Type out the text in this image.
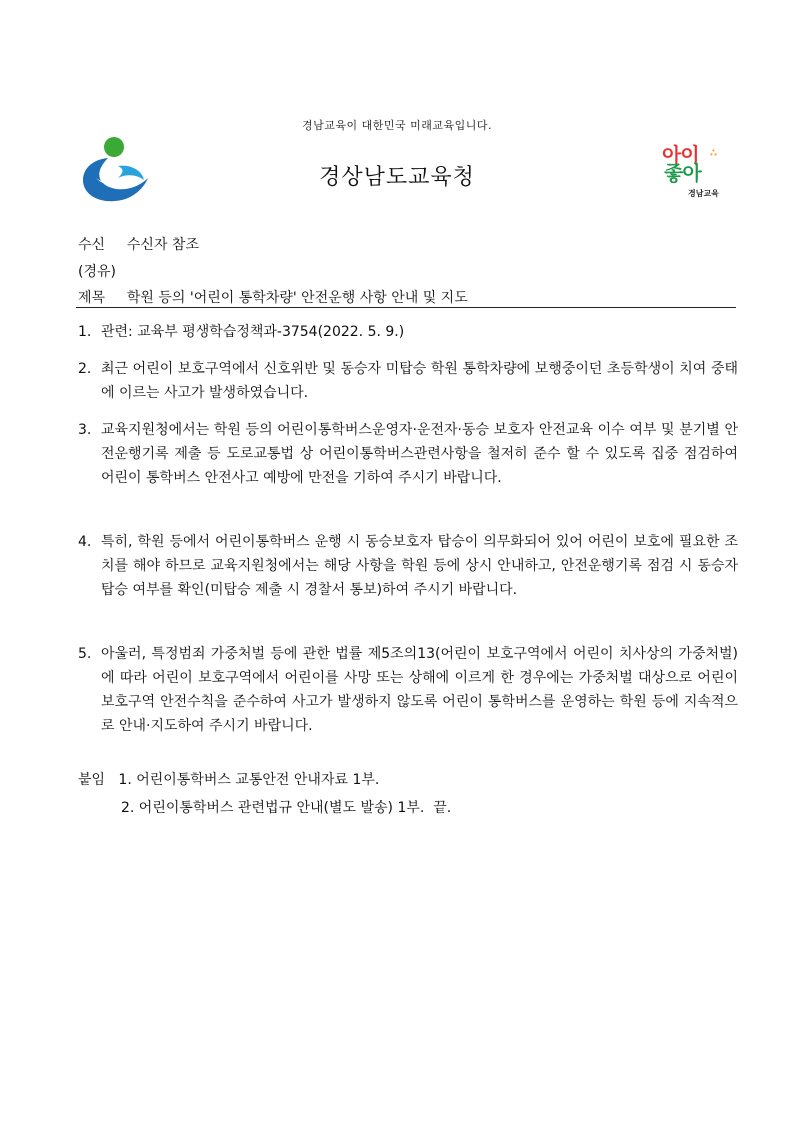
경남교육이 대한민국 미래교육입니다.
경상남도교육청
아이 ∴
좋아
경남교육
수신 수신자 참조
(경유)
제목 학원 등의 '어린이 통학차량' 안전운행 사항 안내 및 지도
1. 관련: 교육부 평생학습정책과-3754(2022. 5. 9.)
2. 최근 어린이 보호구역에서 신호위반 및 동승자 미탑승 학원 통학차량에 보행중이던 초등학생이 치여 중태에 이르는 사고가 발생하였습니다.
3. 교육지원청에서는 학원 등의 어린이통학버스운영자·운전자·동승 보호자 안전교육 이수 여부 및 분기별 안전운행기록 제출 등 도로교통법 상 어린이통학버스관련사항을 철저히 준수 할 수 있도록 집중 점검하여 어린이 통학버스 안전사고 예방에 만전을 기하여 주시기 바랍니다.
4. 특히, 학원 등에서 어린이통학버스 운행 시 동승보호자 탑승이 의무화되어 있어 어린이 보호에 필요한 조치를 해야 하므로 교육지원청에서는 해당 사항을 학원 등에 상시 안내하고, 안전운행기록 점검 시 동승자 탑승 여부를 확인(미탑승 제출 시 경찰서 통보)하여 주시기 바랍니다.
5. 아울러, 특정범죄 가중처벌 등에 관한 법률 제5조의13(어린이 보호구역에서 어린이 치사상의 가중처벌)에 따라 어린이 보호구역에서 어린이를 사망 또는 상해에 이르게 한 경우에는 가중처벌 대상으로 어린이 보호구역 안전수칙을 준수하여 사고가 발생하지 않도록 어린이 통학버스를 운영하는 학원 등에 지속적으로 안내·지도하여 주시기 바랍니다.
붙임 1. 어린이통학버스 교통안전 안내자료 1부.
2. 어린이통학버스 관련법규 안내(별도 발송) 1부.  끝.
